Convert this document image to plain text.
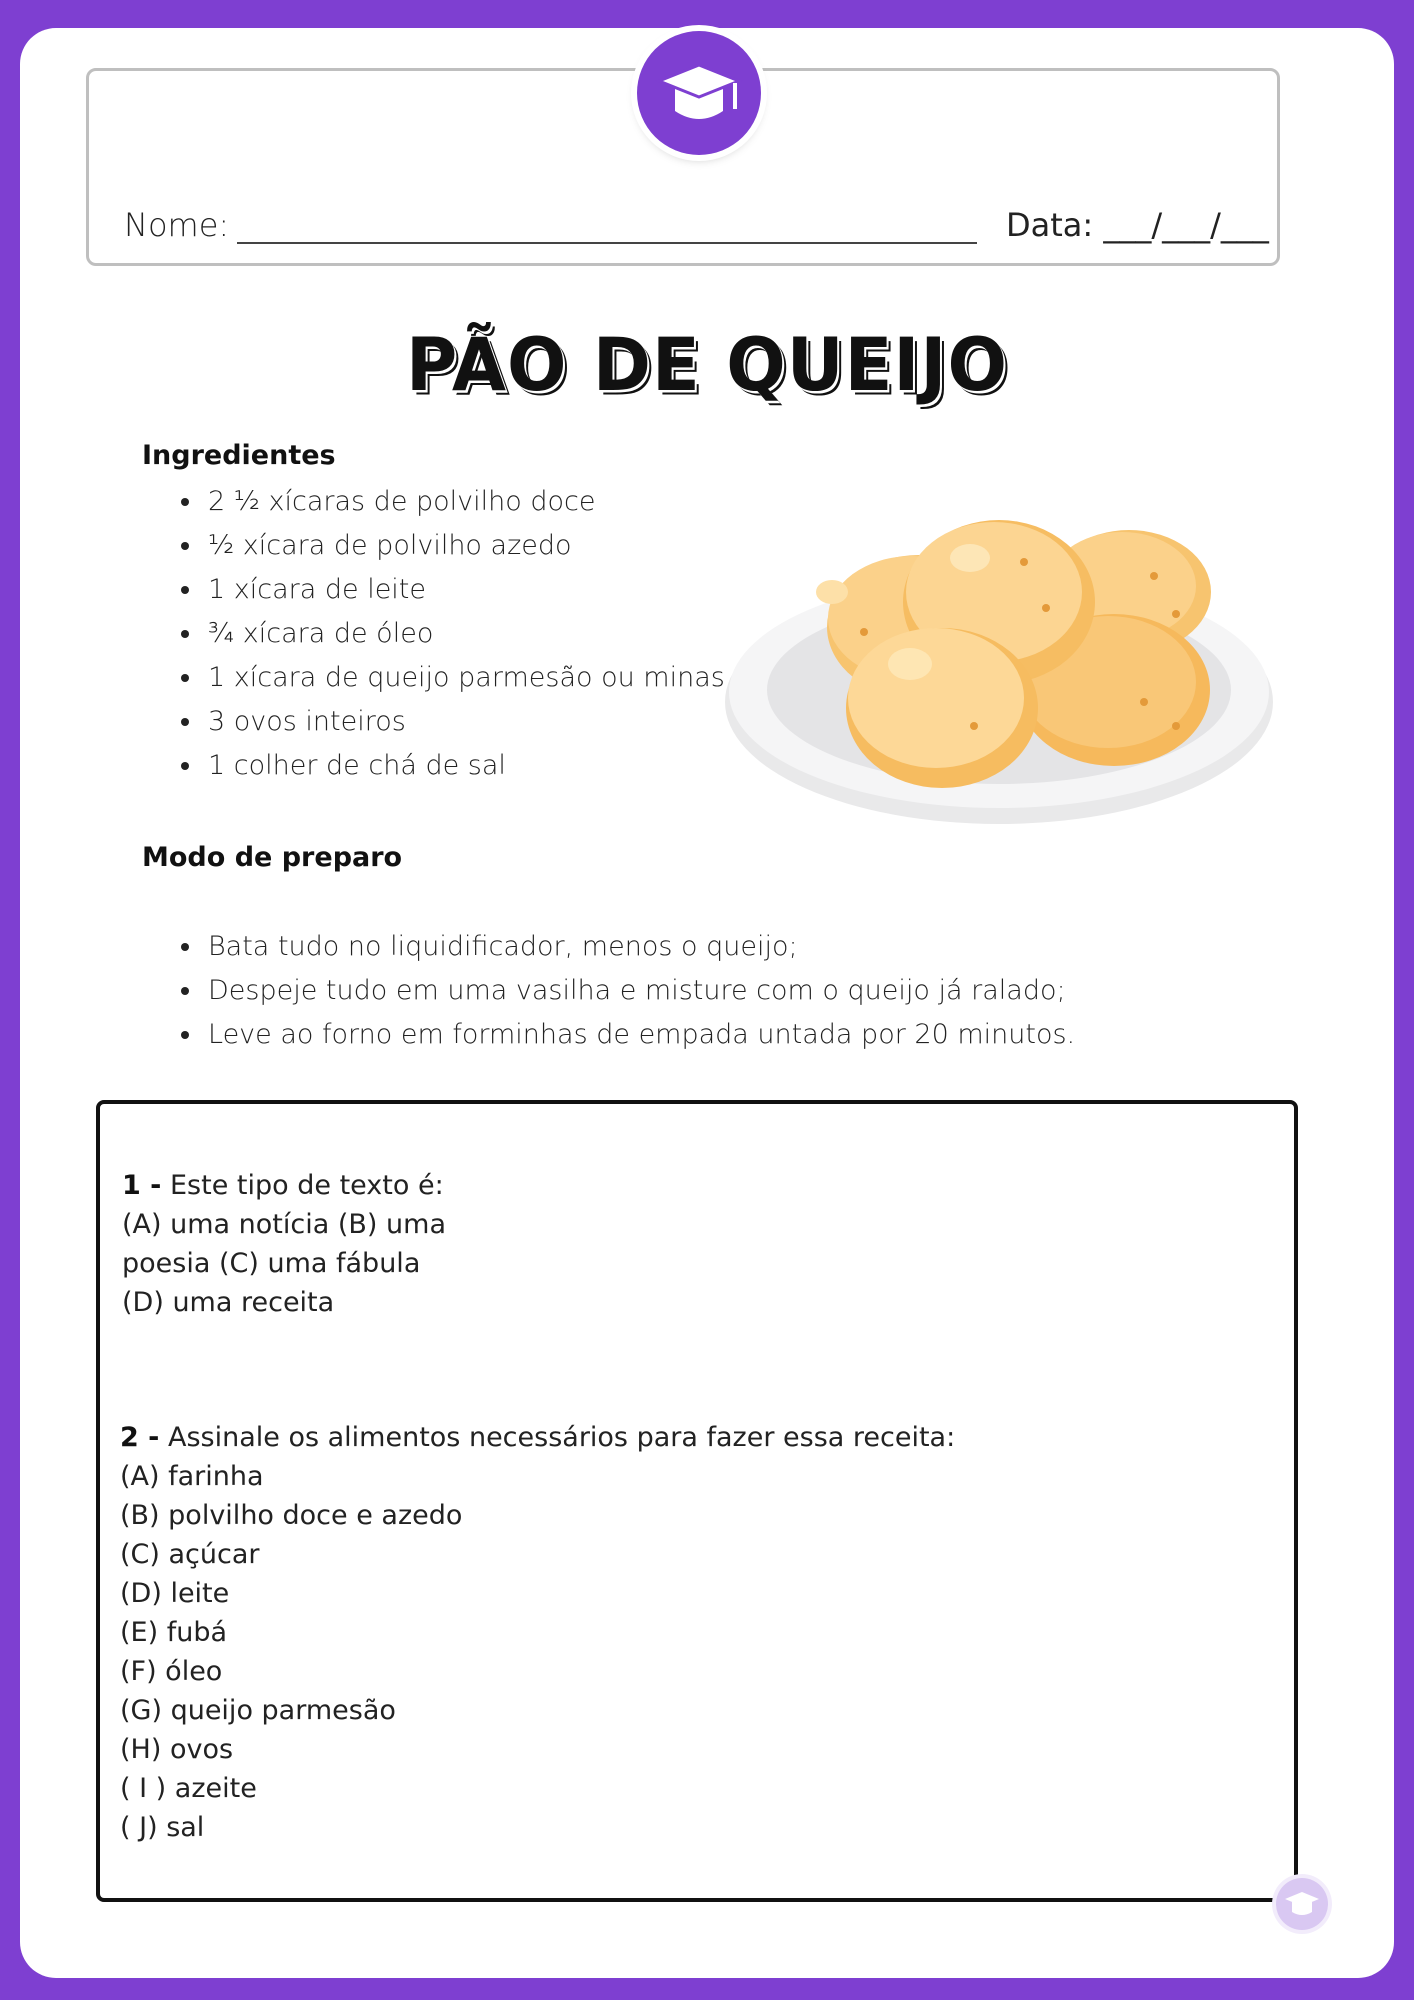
Nome:	Data: ___/___/___
PÃO DE QUEIJO
Ingredientes
• 2 ½ xícaras de polvilho doce
• ½ xícara de polvilho azedo
• 1 xícara de leite
• ¾ xícara de óleo
• 1 xícara de queijo parmesão ou minas
• 3 ovos inteiros
• 1 colher de chá de sal
Modo de preparo
• Bata tudo no liquidificador, menos o queijo;
• Despeje tudo em uma vasilha e misture com o queijo já ralado;
• Leve ao forno em forminhas de empada untada por 20 minutos.
1 - Este tipo de texto é:
(A) uma notícia (B) uma
poesia (C) uma fábula
(D) uma receita
2 - Assinale os alimentos necessários para fazer essa receita:
(A) farinha
(B) polvilho doce e azedo
(C) açúcar
(D) leite
(E) fubá
(F) óleo
(G) queijo parmesão
(H) ovos
( I ) azeite
( J) sal
